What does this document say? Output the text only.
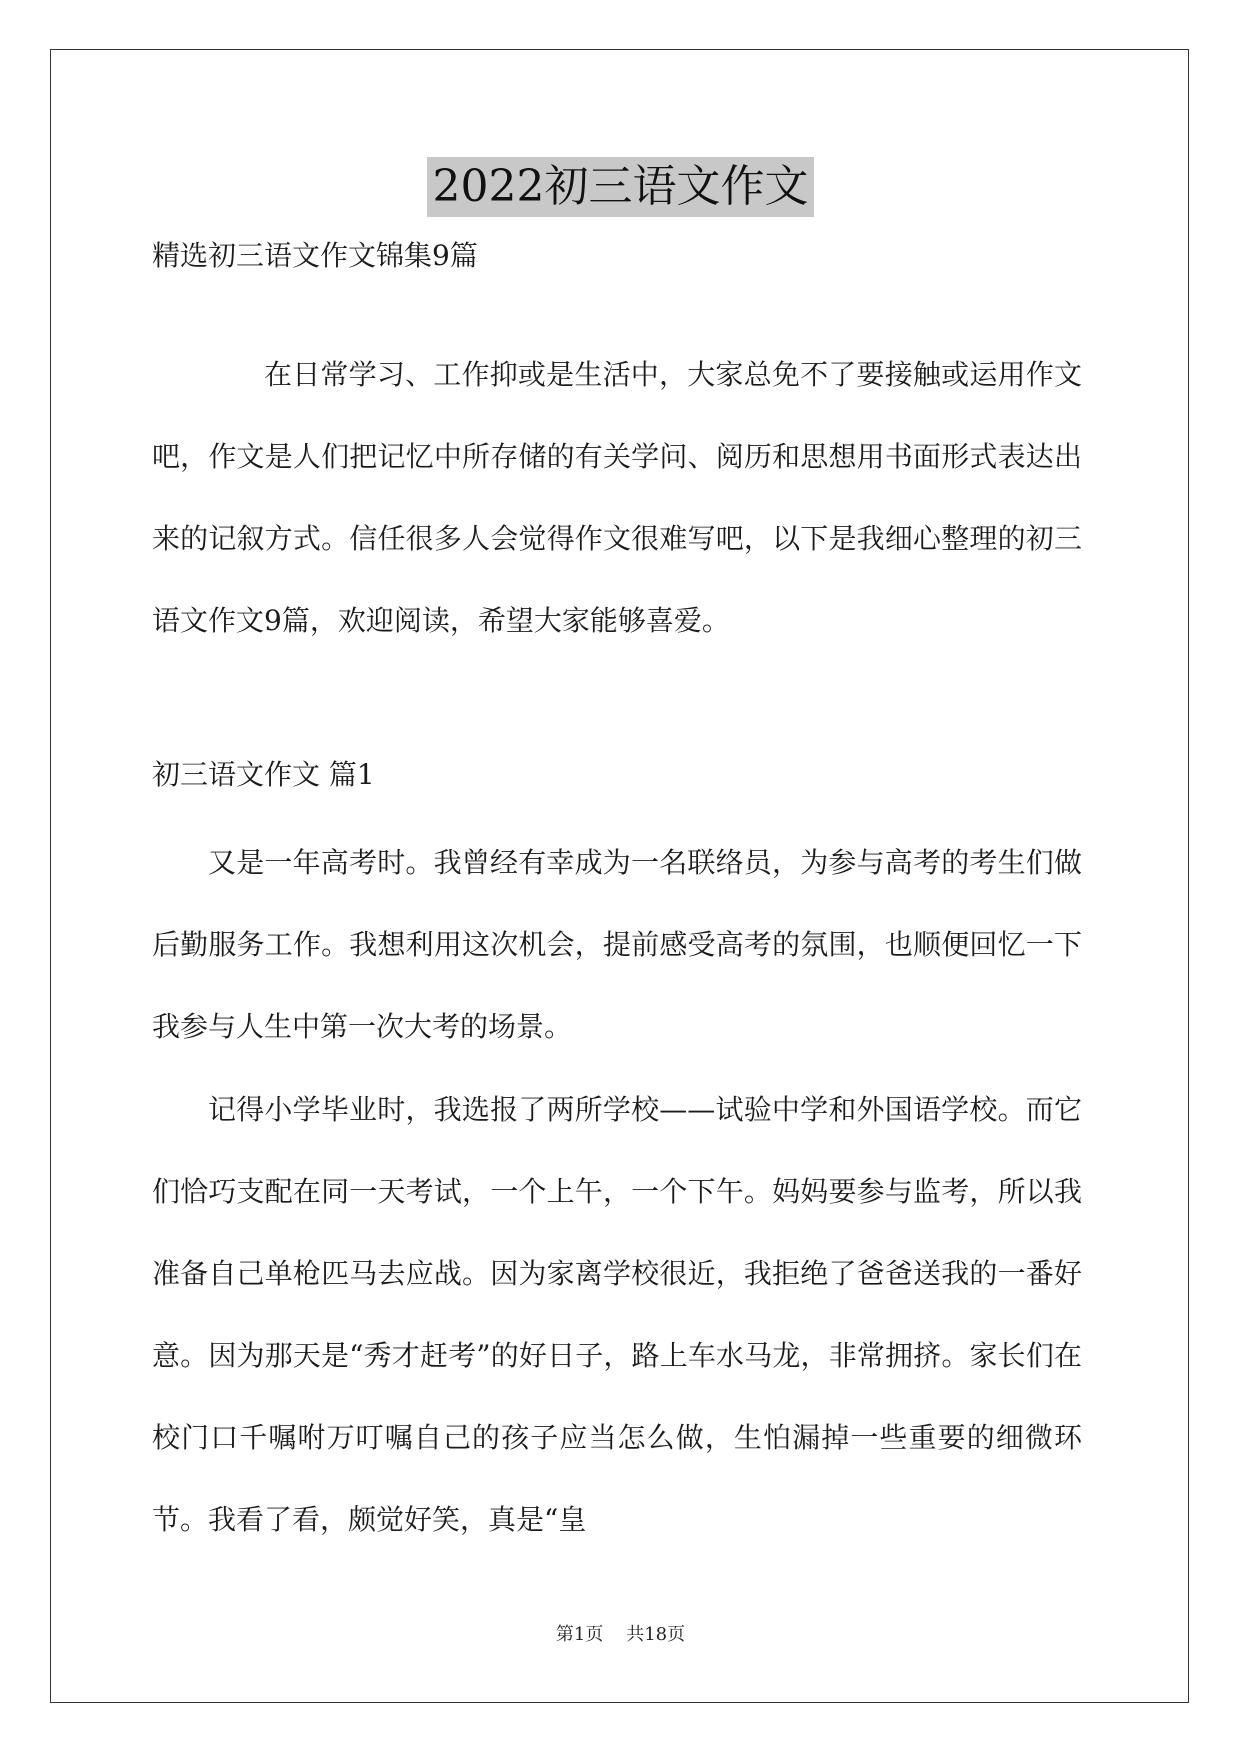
2022初三语文作文
精选初三语文作文锦集9篇

在日常学习、工作抑或是生活中，大家总免不了要接触或运用作文吧，作文是人们把记忆中所存储的有关学问、阅历和思想用书面形式表达出来的记叙方式。信任很多人会觉得作文很难写吧，以下是我细心整理的初三语文作文9篇，欢迎阅读，希望大家能够喜爱。

初三语文作文 篇1

又是一年高考时。我曾经有幸成为一名联络员，为参与高考的考生们做后勤服务工作。我想利用这次机会，提前感受高考的氛围，也顺便回忆一下我参与人生中第一次大考的场景。

记得小学毕业时，我选报了两所学校——试验中学和外国语学校。而它们恰巧支配在同一天考试，一个上午，一个下午。妈妈要参与监考，所以我准备自己单枪匹马去应战。因为家离学校很近，我拒绝了爸爸送我的一番好意。因为那天是“秀才赶考”的好日子，路上车水马龙，非常拥挤。家长们在校门口千嘱咐万叮嘱自己的孩子应当怎么做，生怕漏掉一些重要的细微环节。我看了看，颇觉好笑，真是“皇

第1页    共18页
